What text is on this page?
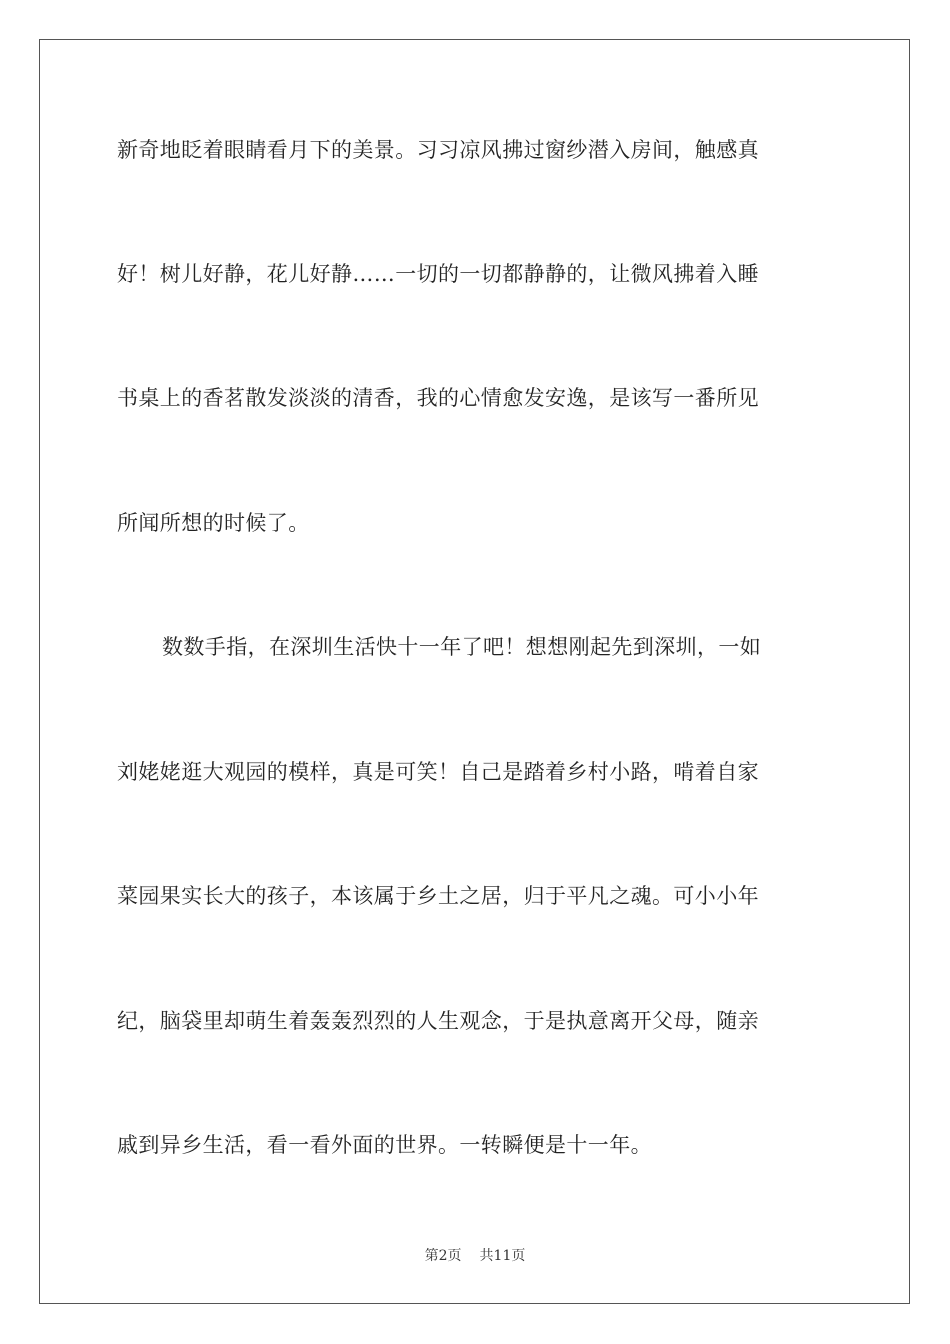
新奇地眨着眼睛看月下的美景。习习凉风拂过窗纱潜入房间，触感真
好！树儿好静，花儿好静……一切的一切都静静的，让微风拂着入睡
书桌上的香茗散发淡淡的清香，我的心情愈发安逸，是该写一番所见
所闻所想的时候了。
数数手指，在深圳生活快十一年了吧！想想刚起先到深圳，一如
刘姥姥逛大观园的模样，真是可笑！自己是踏着乡村小路，啃着自家
菜园果实长大的孩子，本该属于乡土之居，归于平凡之魂。可小小年
纪，脑袋里却萌生着轰轰烈烈的人生观念，于是执意离开父母，随亲
戚到异乡生活，看一看外面的世界。一转瞬便是十一年。
第2页 共11页
